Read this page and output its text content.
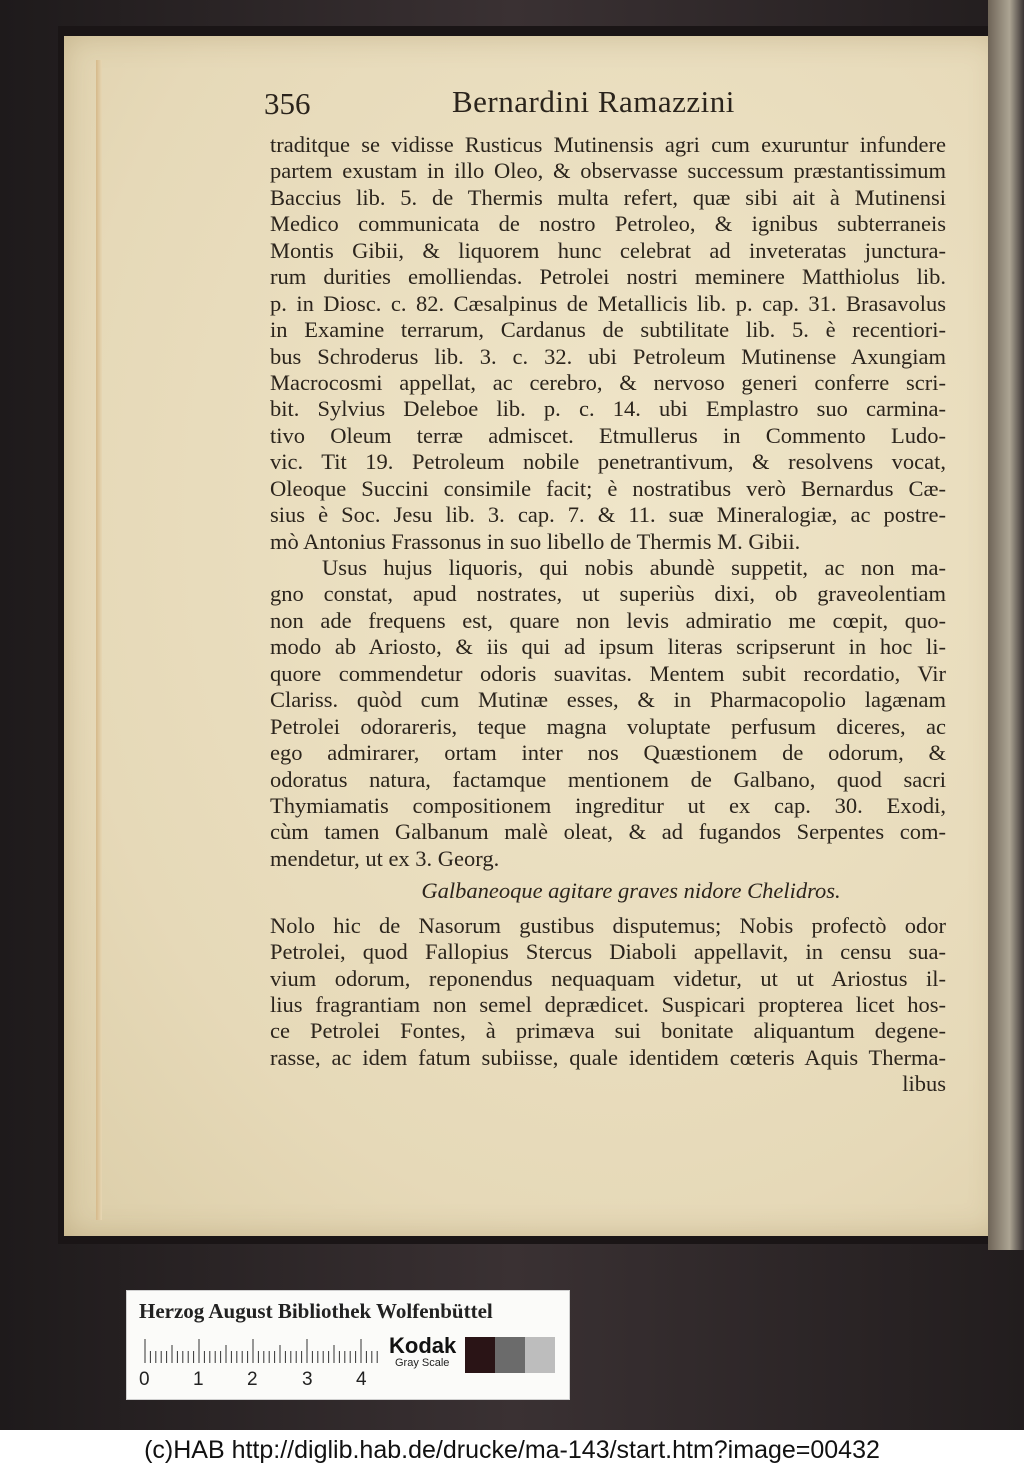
356	Bernardini Ramazzini
traditque se vidisse Rusticus Mutinensis agri cum exuruntur infundere
partem exustam in illo Oleo, & observasse successum præstantissimum
Baccius lib. 5. de Thermis multa refert, quæ sibi ait à Mutinensi
Medico communicata de nostro Petroleo, & ignibus subterraneis
Montis Gibii, & liquorem hunc celebrat ad inveteratas junctura-
rum durities emolliendas. Petrolei nostri meminere Matthiolus lib.
p. in Diosc. c. 82. Cæsalpinus de Metallicis lib. p. cap. 31. Brasavolus
in Examine terrarum, Cardanus de subtilitate lib. 5. è recentiori-
bus Schroderus lib. 3. c. 32. ubi Petroleum Mutinense Axungiam
Macrocosmi appellat, ac cerebro, & nervoso generi conferre scri-
bit. Sylvius Deleboe lib. p. c. 14. ubi Emplastro suo carmina-
tivo Oleum terræ admiscet. Etmullerus in Commento Ludo-
vic. Tit 19. Petroleum nobile penetrantivum, & resolvens vocat,
Oleoque Succini consimile facit; è nostratibus verò Bernardus Cæ-
sius è Soc. Jesu lib. 3. cap. 7. & 11. suæ Mineralogiæ, ac postre-
mò Antonius Frassonus in suo libello de Thermis M. Gibii.
Usus hujus liquoris, qui nobis abundè suppetit, ac non ma-
gno constat, apud nostrates, ut superiùs dixi, ob graveolentiam
non ade frequens est, quare non levis admiratio me cœpit, quo-
modo ab Ariosto, & iis qui ad ipsum literas scripserunt in hoc li-
quore commendetur odoris suavitas. Mentem subit recordatio, Vir
Clariss. quòd cum Mutinæ esses, & in Pharmacopolio lagænam
Petrolei odorareris, teque magna voluptate perfusum diceres, ac
ego admirarer, ortam inter nos Quæstionem de odorum, &
odoratus natura, factamque mentionem de Galbano, quod sacri
Thymiamatis compositionem ingreditur ut ex cap. 30. Exodi,
cùm tamen Galbanum malè oleat, & ad fugandos Serpentes com-
mendetur, ut ex 3. Georg.
Galbaneoque agitare graves nidore Chelidros.
Nolo hic de Nasorum gustibus disputemus; Nobis profectò odor
Petrolei, quod Fallopius Stercus Diaboli appellavit, in censu sua-
vium odorum, reponendus nequaquam videtur, ut ut Ariostus il-
lius fragrantiam non semel deprædicet. Suspicari propterea licet hos-
ce Petrolei Fontes, à primæva sui bonitate aliquantum degene-
rasse, ac idem fatum subiisse, quale identidem cœteris Aquis Therma-
libus
Herzog August Bibliothek Wolfenbüttel
0 1 2 3 4
Kodak
Gray Scale
(c)HAB http://diglib.hab.de/drucke/ma-143/start.htm?image=00432
